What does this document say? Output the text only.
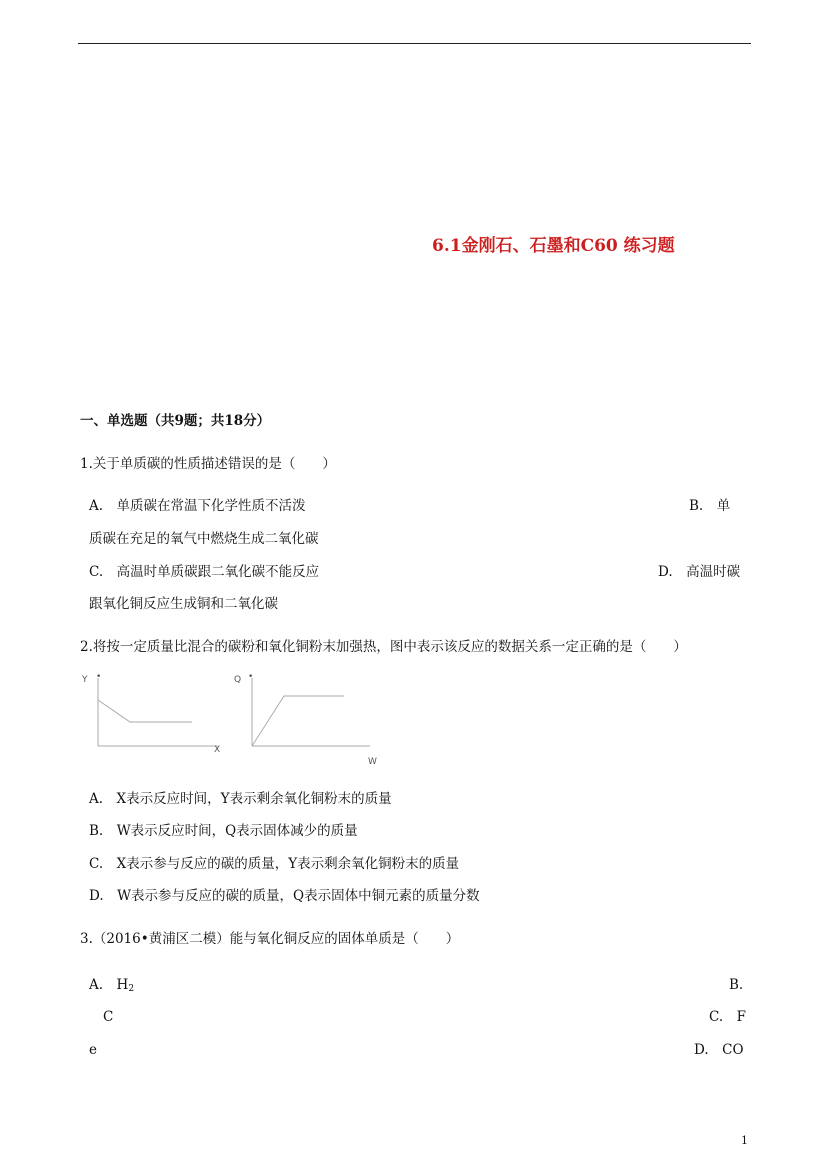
6.1金刚石、石墨和C60 练习题
一、单选题（共9题；共18分）
1.关于单质碳的性质描述错误的是（　　）
A.　单质碳在常温下化学性质不活泼	B.　单
质碳在充足的氧气中燃烧生成二氧化碳
C.　高温时单质碳跟二氧化碳不能反应	D.　高温时碳
跟氧化铜反应生成铜和二氧化碳
2.将按一定质量比混合的碳粉和氧化铜粉末加强热，图中表示该反应的数据关系一定正确的是（　　）
Y •
X
Q •
W
A.　X表示反应时间，Y表示剩余氧化铜粉末的质量
B.　W表示反应时间，Q表示固体减少的质量
C.　X表示参与反应的碳的质量，Y表示剩余氧化铜粉末的质量
D.　W表示参与反应的碳的质量，Q表示固体中铜元素的质量分数
3.（2016•黄浦区二模）能与氧化铜反应的固体单质是（　　）
A.　$H_2$	B.
C	C.　F
e	D.　CO
1
